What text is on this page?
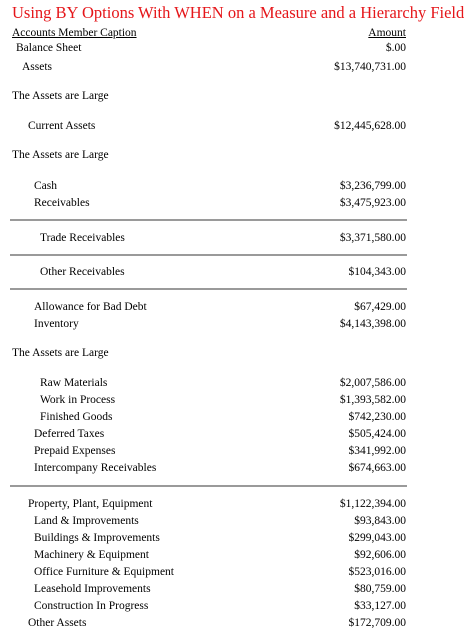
Using BY Options With WHEN on a Measure and a Hierarchy Field
Accounts Member Caption	Amount
Balance Sheet	$.00
Assets	$13,740,731.00
The Assets are Large
Current Assets	$12,445,628.00
The Assets are Large
Cash	$3,236,799.00
Receivables	$3,475,923.00
Trade Receivables	$3,371,580.00
Other Receivables	$104,343.00
Allowance for Bad Debt	$67,429.00
Inventory	$4,143,398.00
The Assets are Large
Raw Materials	$2,007,586.00
Work in Process	$1,393,582.00
Finished Goods	$742,230.00
Deferred Taxes	$505,424.00
Prepaid Expenses	$341,992.00
Intercompany Receivables	$674,663.00
Property, Plant, Equipment	$1,122,394.00
Land & Improvements	$93,843.00
Buildings & Improvements	$299,043.00
Machinery & Equipment	$92,606.00
Office Furniture & Equipment	$523,016.00
Leasehold Improvements	$80,759.00
Construction In Progress	$33,127.00
Other Assets	$172,709.00
